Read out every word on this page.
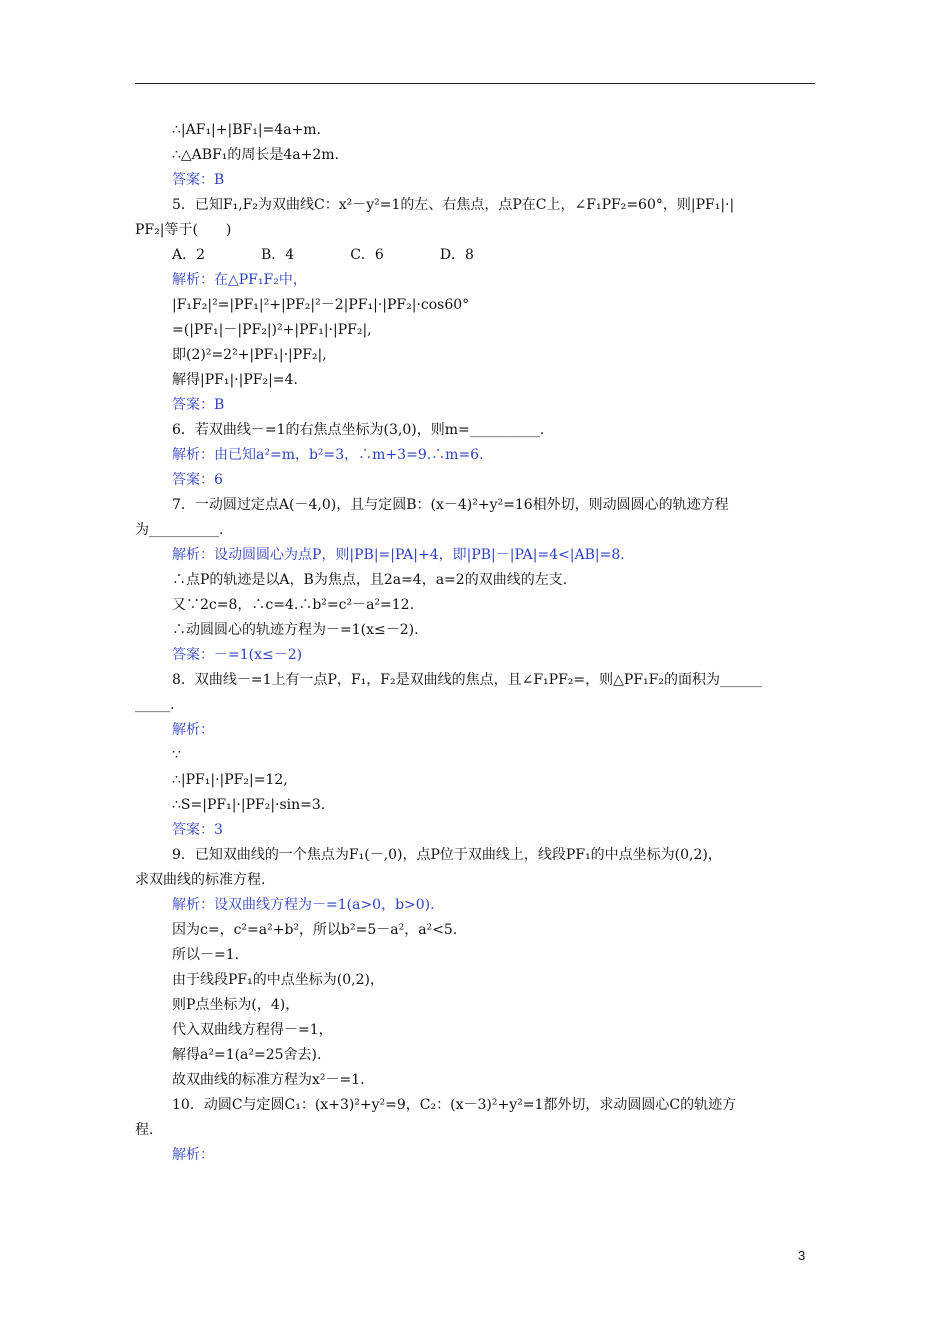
∴|AF₁|+|BF₁|=4a+m.
∴△ABF₁的周长是4a+2m.
答案：B
5．已知F₁,F₂为双曲线C：x²－y²=1的左、右焦点，点P在C上，∠F₁PF₂=60°，则|PF₁|·|
PF₂|等于(　　)
A．2　　　　B．4　　　　C．6　　　　D．8
解析：在△PF₁F₂中，
|F₁F₂|²=|PF₁|²+|PF₂|²－2|PF₁|·|PF₂|·cos60°
=(|PF₁|－|PF₂|)²+|PF₁|·|PF₂|,
即(2)²=2²+|PF₁|·|PF₂|,
解得|PF₁|·|PF₂|=4.
答案：B
6．若双曲线－=1的右焦点坐标为(3,0)，则m=__________.
解析：由已知a²=m，b²=3，∴m+3=9.∴m=6.
答案：6
7．一动圆过定点A(－4,0)，且与定圆B：(x－4)²+y²=16相外切，则动圆圆心的轨迹方程
为__________.
解析：设动圆圆心为点P，则|PB|=|PA|+4，即|PB|－|PA|=4<|AB|=8.
∴点P的轨迹是以A，B为焦点，且2a=4，a=2的双曲线的左支.
又∵2c=8，∴c=4.∴b²=c²－a²=12.
∴动圆圆心的轨迹方程为－=1(x≤－2).
答案：－=1(x≤－2)
8．双曲线－=1上有一点P，F₁，F₂是双曲线的焦点，且∠F₁PF₂=，则△PF₁F₂的面积为______
_____.
解析：
∵
∴|PF₁|·|PF₂|=12,
∴S=|PF₁|·|PF₂|·sin=3.
答案：3
9．已知双曲线的一个焦点为F₁(－,0)，点P位于双曲线上，线段PF₁的中点坐标为(0,2)，
求双曲线的标准方程.
解析：设双曲线方程为－=1(a>0，b>0).
因为c=，c²=a²+b²，所以b²=5－a²，a²<5.
所以－=1.
由于线段PF₁的中点坐标为(0,2)，
则P点坐标为(，4)，
代入双曲线方程得－=1，
解得a²=1(a²=25舍去).
故双曲线的标准方程为x²－=1.
10．动圆C与定圆C₁：(x+3)²+y²=9，C₂：(x－3)²+y²=1都外切，求动圆圆心C的轨迹方
程.
解析：
3
